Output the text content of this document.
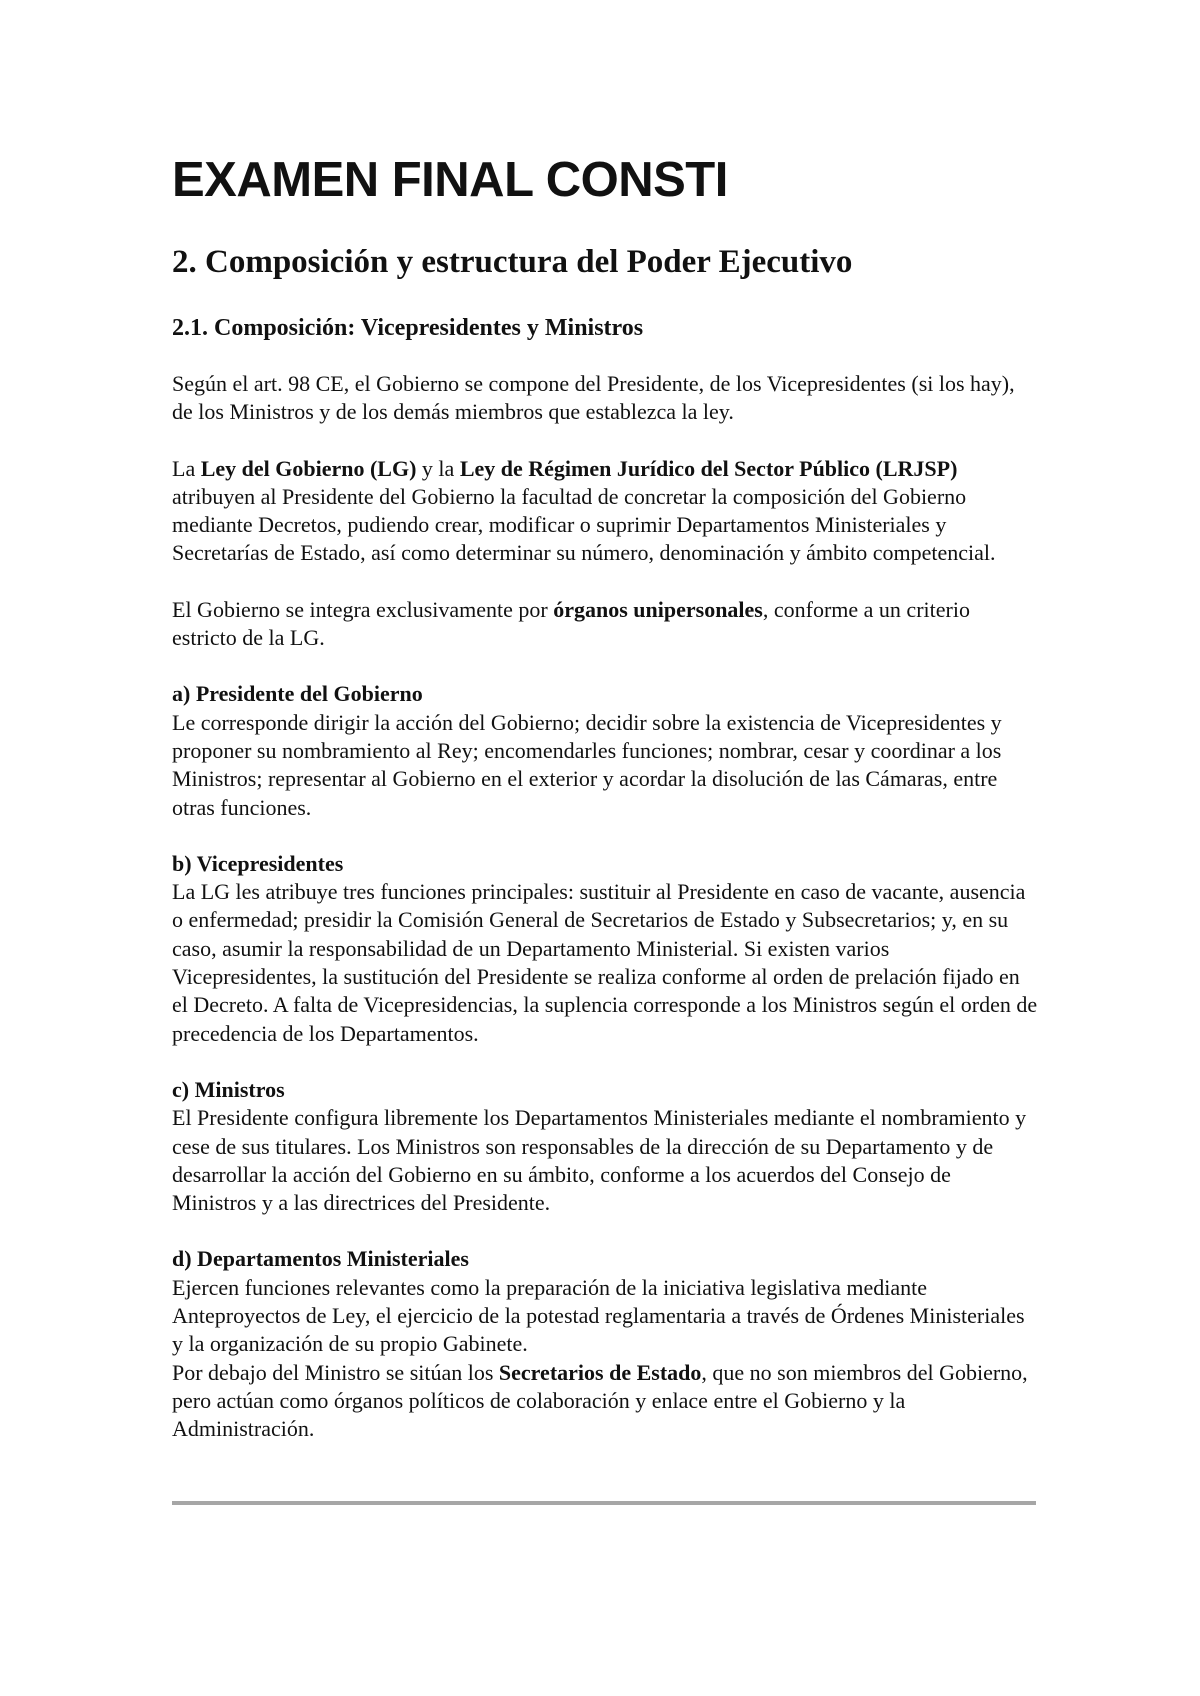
EXAMEN FINAL CONSTI
2. Composición y estructura del Poder Ejecutivo
2.1. Composición: Vicepresidentes y Ministros

Según el art. 98 CE, el Gobierno se compone del Presidente, de los Vicepresidentes (si los hay), de los Ministros y de los demás miembros que establezca la ley.

La Ley del Gobierno (LG) y la Ley de Régimen Jurídico del Sector Público (LRJSP) atribuyen al Presidente del Gobierno la facultad de concretar la composición del Gobierno mediante Decretos, pudiendo crear, modificar o suprimir Departamentos Ministeriales y Secretarías de Estado, así como determinar su número, denominación y ámbito competencial.

El Gobierno se integra exclusivamente por órganos unipersonales, conforme a un criterio estricto de la LG.

a) Presidente del Gobierno
Le corresponde dirigir la acción del Gobierno; decidir sobre la existencia de Vicepresidentes y proponer su nombramiento al Rey; encomendarles funciones; nombrar, cesar y coordinar a los Ministros; representar al Gobierno en el exterior y acordar la disolución de las Cámaras, entre otras funciones.

b) Vicepresidentes
La LG les atribuye tres funciones principales: sustituir al Presidente en caso de vacante, ausencia o enfermedad; presidir la Comisión General de Secretarios de Estado y Subsecretarios; y, en su caso, asumir la responsabilidad de un Departamento Ministerial. Si existen varios Vicepresidentes, la sustitución del Presidente se realiza conforme al orden de prelación fijado en el Decreto. A falta de Vicepresidencias, la suplencia corresponde a los Ministros según el orden de precedencia de los Departamentos.

c) Ministros
El Presidente configura libremente los Departamentos Ministeriales mediante el nombramiento y cese de sus titulares. Los Ministros son responsables de la dirección de su Departamento y de desarrollar la acción del Gobierno en su ámbito, conforme a los acuerdos del Consejo de Ministros y a las directrices del Presidente.

d) Departamentos Ministeriales
Ejercen funciones relevantes como la preparación de la iniciativa legislativa mediante Anteproyectos de Ley, el ejercicio de la potestad reglamentaria a través de Órdenes Ministeriales y la organización de su propio Gabinete.

Por debajo del Ministro se sitúan los Secretarios de Estado, que no son miembros del Gobierno, pero actúan como órganos políticos de colaboración y enlace entre el Gobierno y la Administración.
